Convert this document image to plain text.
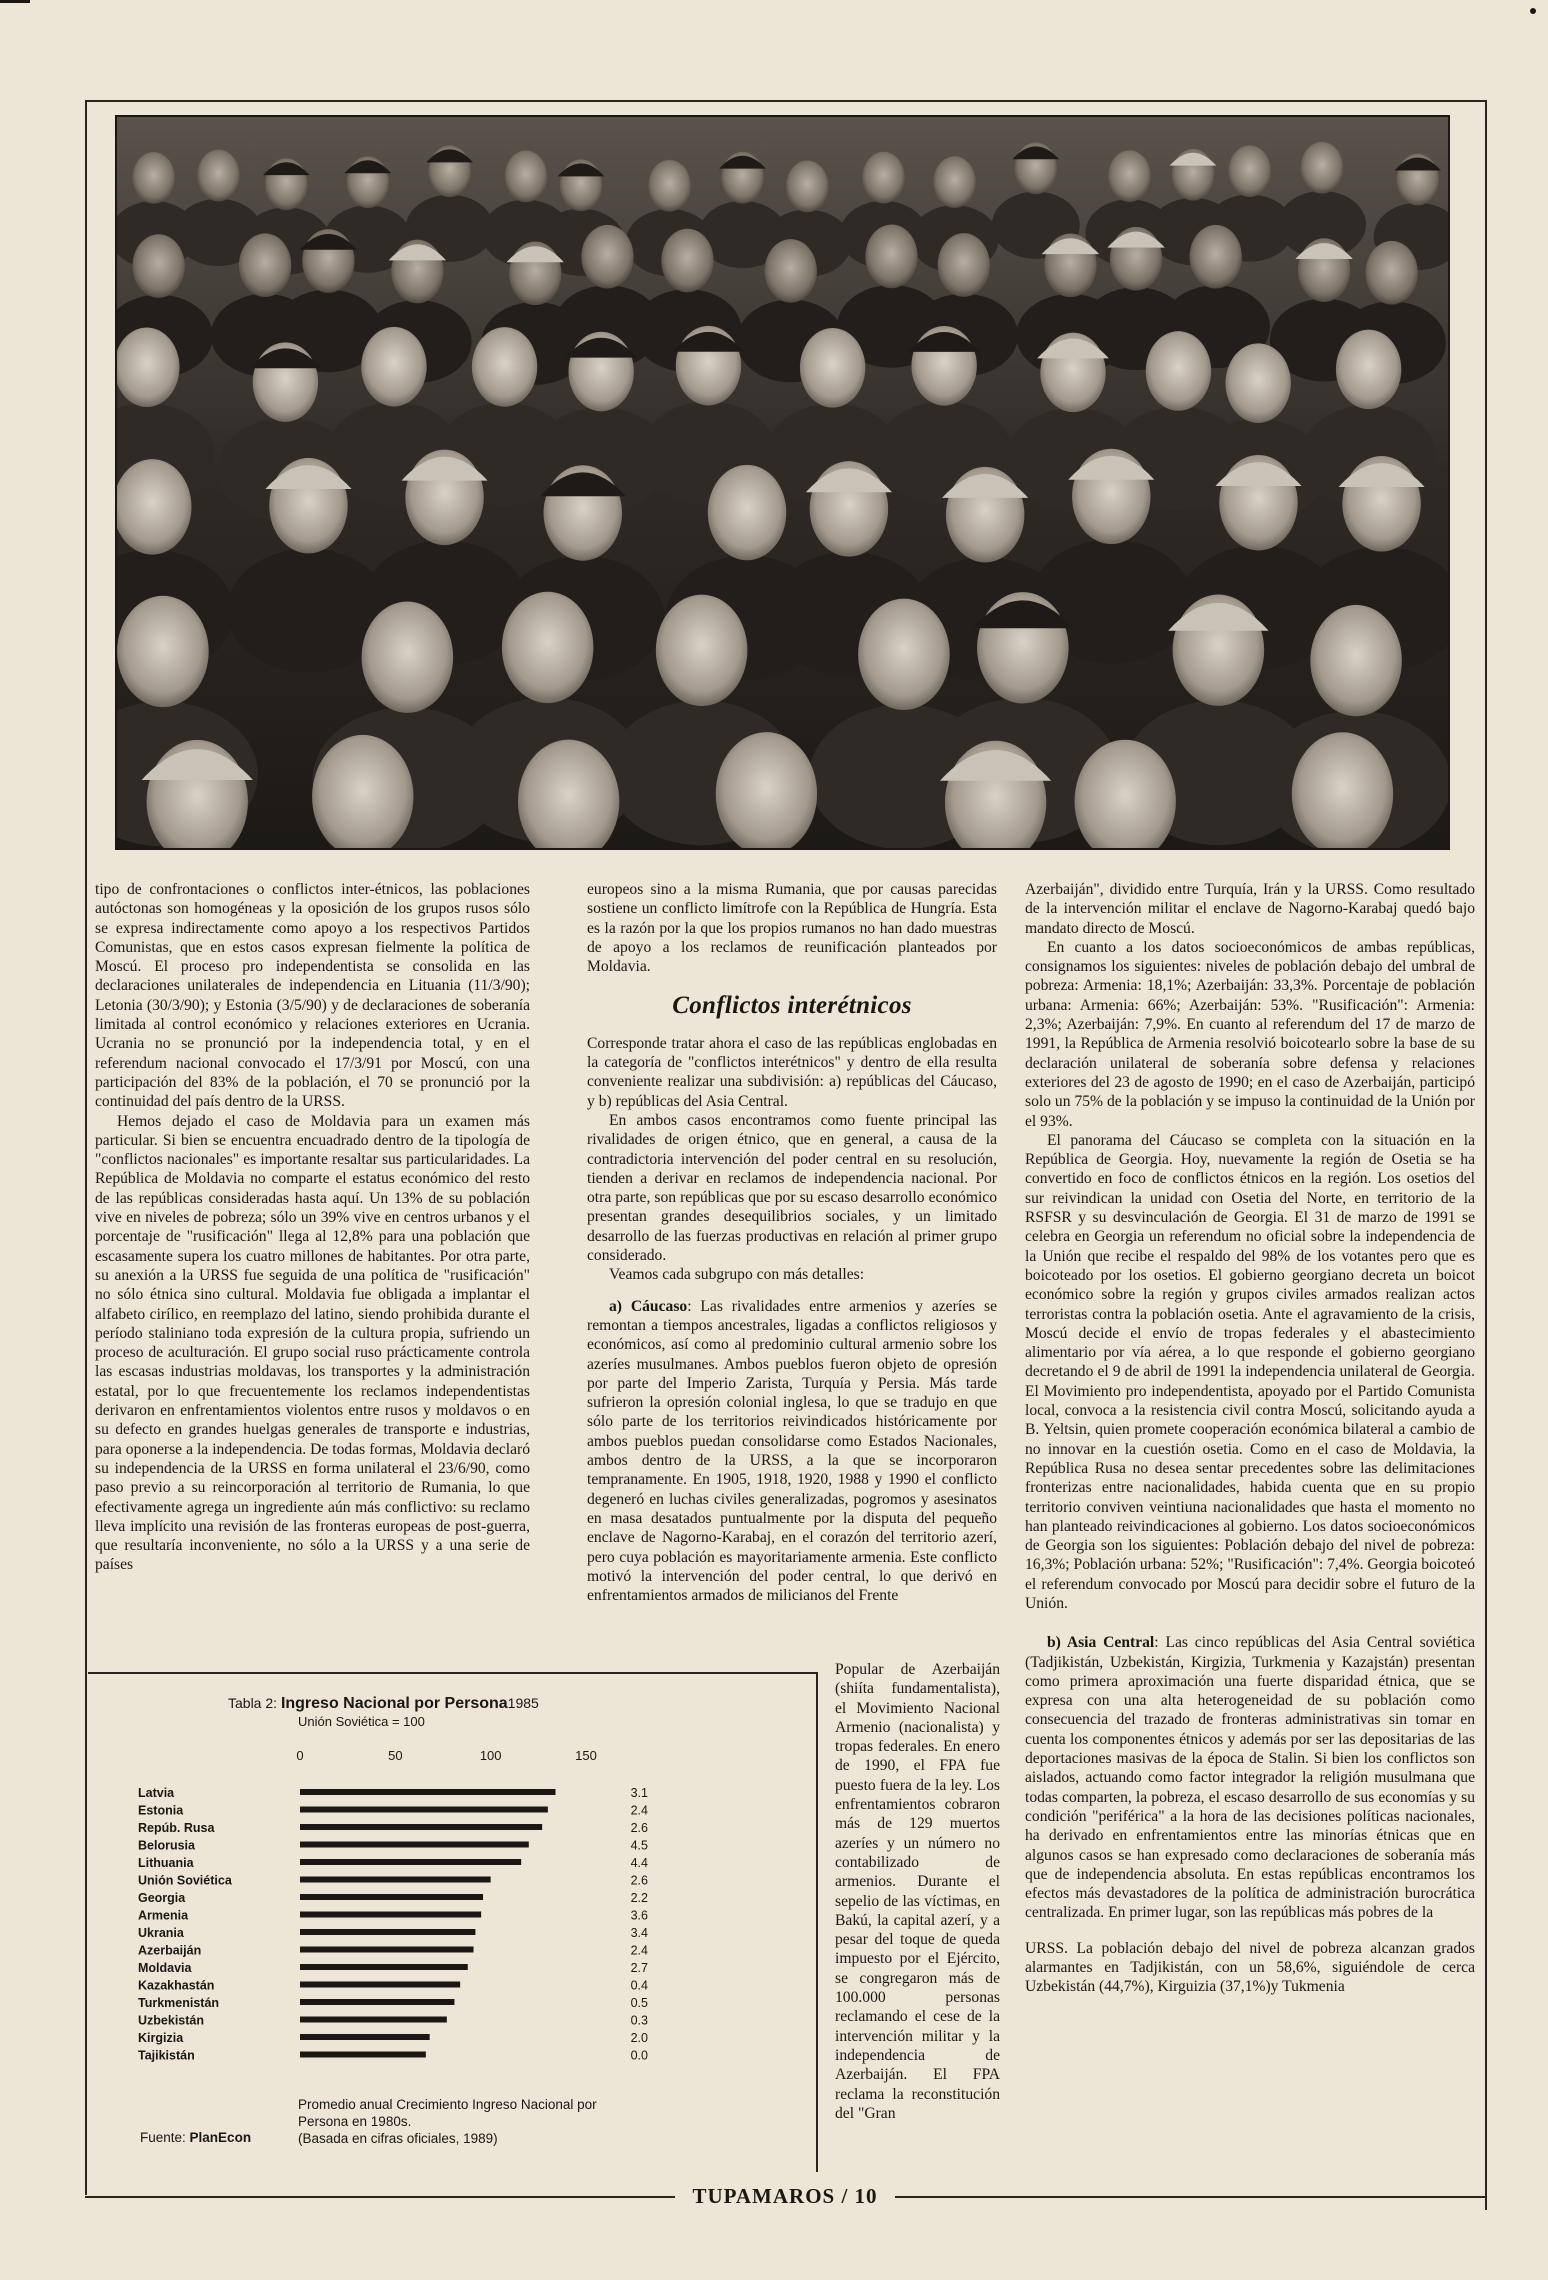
tipo de confrontaciones o conflictos inter-étnicos, las poblaciones autóctonas son homogéneas y la oposición de los grupos rusos sólo se expresa indirectamente como apoyo a los respectivos Partidos Comunistas, que en estos casos expresan fielmente la política de Moscú. El proceso pro independentista se consolida en las declaraciones unilaterales de independencia en Lituania (11/3/90); Letonia (30/3/90); y Estonia (3/5/90) y de declaraciones de soberanía limitada al control económico y relaciones exteriores en Ucrania. Ucrania no se pronunció por la independencia total, y en el referendum nacional convocado el 17/3/91 por Moscú, con una participación del 83% de la población, el 70 se pronunció por la continuidad del país dentro de la URSS.

Hemos dejado el caso de Moldavia para un examen más particular. Si bien se encuentra encuadrado dentro de la tipología de "conflictos nacionales" es importante resaltar sus particularidades. La República de Moldavia no comparte el estatus económico del resto de las repúblicas consideradas hasta aquí. Un 13% de su población vive en niveles de pobreza; sólo un 39% vive en centros urbanos y el porcentaje de "rusificación" llega al 12,8% para una población que escasamente supera los cuatro millones de habitantes. Por otra parte, su anexión a la URSS fue seguida de una política de "rusificación" no sólo étnica sino cultural. Moldavia fue obligada a implantar el alfabeto cirílico, en reemplazo del latino, siendo prohibida durante el período staliniano toda expresión de la cultura propia, sufriendo un proceso de aculturación. El grupo social ruso prácticamente controla las escasas industrias moldavas, los transportes y la administración estatal, por lo que frecuentemente los reclamos independentistas derivaron en enfrentamientos violentos entre rusos y moldavos o en su defecto en grandes huelgas generales de transporte e industrias, para oponerse a la independencia. De todas formas, Moldavia declaró su independencia de la URSS en forma unilateral el 23/6/90, como paso previo a su reincorporación al territorio de Rumania, lo que efectivamente agrega un ingrediente aún más conflictivo: su reclamo lleva implícito una revisión de las fronteras europeas de post-guerra, que resultaría inconveniente, no sólo a la URSS y a una serie de países

europeos sino a la misma Rumania, que por causas parecidas sostiene un conflicto limítrofe con la República de Hungría. Esta es la razón por la que los propios rumanos no han dado muestras de apoyo a los reclamos de reunificación planteados por Moldavia.

Conflictos interétnicos

Corresponde tratar ahora el caso de las repúblicas englobadas en la categoría de "conflictos interétnicos" y dentro de ella resulta conveniente realizar una subdivisión: a) repúblicas del Cáucaso, y b) repúblicas del Asia Central.

En ambos casos encontramos como fuente principal las rivalidades de origen étnico, que en general, a causa de la contradictoria intervención del poder central en su resolución, tienden a derivar en reclamos de independencia nacional. Por otra parte, son repúblicas que por su escaso desarrollo económico presentan grandes desequilibrios sociales, y un limitado desarrollo de las fuerzas productivas en relación al primer grupo considerado.

Veamos cada subgrupo con más detalles:

a) Cáucaso: Las rivalidades entre armenios y azeríes se remontan a tiempos ancestrales, ligadas a conflictos religiosos y económicos, así como al predominio cultural armenio sobre los azeríes musulmanes. Ambos pueblos fueron objeto de opresión por parte del Imperio Zarista, Turquía y Persia. Más tarde sufrieron la opresión colonial inglesa, lo que se tradujo en que sólo parte de los territorios reivindicados históricamente por ambos pueblos puedan consolidarse como Estados Nacionales, ambos dentro de la URSS, a la que se incorporaron tempranamente. En 1905, 1918, 1920, 1988 y 1990 el conflicto degeneró en luchas civiles generalizadas, pogromos y asesinatos en masa desatados puntualmente por la disputa del pequeño enclave de Nagorno-Karabaj, en el corazón del territorio azerí, pero cuya población es mayoritariamente armenia. Este conflicto motivó la intervención del poder central, lo que derivó en enfrentamientos armados de milicianos del Frente

Popular de Azerbaiján (shiíta fundamentalista), el Movimiento Nacional Armenio (nacionalista) y tropas federales. En enero de 1990, el FPA fue puesto fuera de la ley. Los enfrentamientos cobraron más de 129 muertos azeríes y un número no contabilizado de armenios. Durante el sepelio de las víctimas, en Bakú, la capital azerí, y a pesar del toque de queda impuesto por el Ejército, se congregaron más de 100.000 personas reclamando el cese de la intervención militar y la independencia de Azerbaiján. El FPA reclama la reconstitución del "Gran

Azerbaiján", dividido entre Turquía, Irán y la URSS. Como resultado de la intervención militar el enclave de Nagorno-Karabaj quedó bajo mandato directo de Moscú.

En cuanto a los datos socioeconómicos de ambas repúblicas, consignamos los siguientes: niveles de población debajo del umbral de pobreza: Armenia: 18,1%; Azerbaiján: 33,3%. Porcentaje de población urbana: Armenia: 66%; Azerbaiján: 53%. "Rusificación": Armenia: 2,3%; Azerbaiján: 7,9%. En cuanto al referendum del 17 de marzo de 1991, la República de Armenia resolvió boicotearlo sobre la base de su declaración unilateral de soberanía sobre defensa y relaciones exteriores del 23 de agosto de 1990; en el caso de Azerbaiján, participó solo un 75% de la población y se impuso la continuidad de la Unión por el 93%.

El panorama del Cáucaso se completa con la situación en la República de Georgia. Hoy, nuevamente la región de Osetia se ha convertido en foco de conflictos étnicos en la región. Los osetios del sur reivindican la unidad con Osetia del Norte, en territorio de la RSFSR y su desvinculación de Georgia. El 31 de marzo de 1991 se celebra en Georgia un referendum no oficial sobre la independencia de la Unión que recibe el respaldo del 98% de los votantes pero que es boicoteado por los osetios. El gobierno georgiano decreta un boicot económico sobre la región y grupos civiles armados realizan actos terroristas contra la población osetia. Ante el agravamiento de la crisis, Moscú decide el envío de tropas federales y el abastecimiento alimentario por vía aérea, a lo que responde el gobierno georgiano decretando el 9 de abril de 1991 la independencia unilateral de Georgia. El Movimiento pro independentista, apoyado por el Partido Comunista local, convoca a la resistencia civil contra Moscú, solicitando ayuda a B. Yeltsin, quien promete cooperación económica bilateral a cambio de no innovar en la cuestión osetia. Como en el caso de Moldavia, la República Rusa no desea sentar precedentes sobre las delimitaciones fronterizas entre nacionalidades, habida cuenta que en su propio territorio conviven veintiuna nacionalidades que hasta el momento no han planteado reivindicaciones al gobierno. Los datos socioeconómicos de Georgia son los siguientes: Población debajo del nivel de pobreza: 16,3%; Población urbana: 52%; "Rusificación": 7,4%. Georgia boicoteó el referendum convocado por Moscú para decidir sobre el futuro de la Unión.

b) Asia Central: Las cinco repúblicas del Asia Central soviética (Tadjikistán, Uzbekistán, Kirgizia, Turkmenia y Kazajstán) presentan como primera aproximación una fuerte disparidad étnica, que se expresa con una alta heterogeneidad de su población como consecuencia del trazado de fronteras administrativas sin tomar en cuenta los componentes étnicos y además por ser las depositarias de las deportaciones masivas de la época de Stalin. Si bien los conflictos son aislados, actuando como factor integrador la religión musulmana que todas comparten, la pobreza, el escaso desarrollo de sus economías y su condición "periférica" a la hora de las decisiones políticas nacionales, ha derivado en enfrentamientos entre las minorías étnicas que en algunos casos se han expresado como declaraciones de soberanía más que de independencia absoluta. En estas repúblicas encontramos los efectos más devastadores de la política de administración burocrática centralizada. En primer lugar, son las repúblicas más pobres de la

URSS. La población debajo del nivel de pobreza alcanzan grados alarmantes en Tadjikistán, con un 58,6%, siguiéndole de cerca Uzbekistán (44,7%), Kirguizia (37,1%)y Tukmenia

Tabla 2: Ingreso Nacional por Persona1985
Unión Soviética = 100
0	50	100	150
Latvia	3.1
Estonia	2.4
Repúb. Rusa	2.6
Belorusia	4.5
Lithuania	4.4
Unión Soviética	2.6
Georgia	2.2
Armenia	3.6
Ukrania	3.4
Azerbaiján	2.4
Moldavia	2.7
Kazakhastán	0.4
Turkmenistán	0.5
Uzbekistán	0.3
Kirgizia	2.0
Tajikistán	0.0
Promedio anual Crecimiento Ingreso Nacional por Persona en 1980s.
(Basada en cifras oficiales, 1989)
Fuente: PlanEcon
TUPAMAROS / 10
